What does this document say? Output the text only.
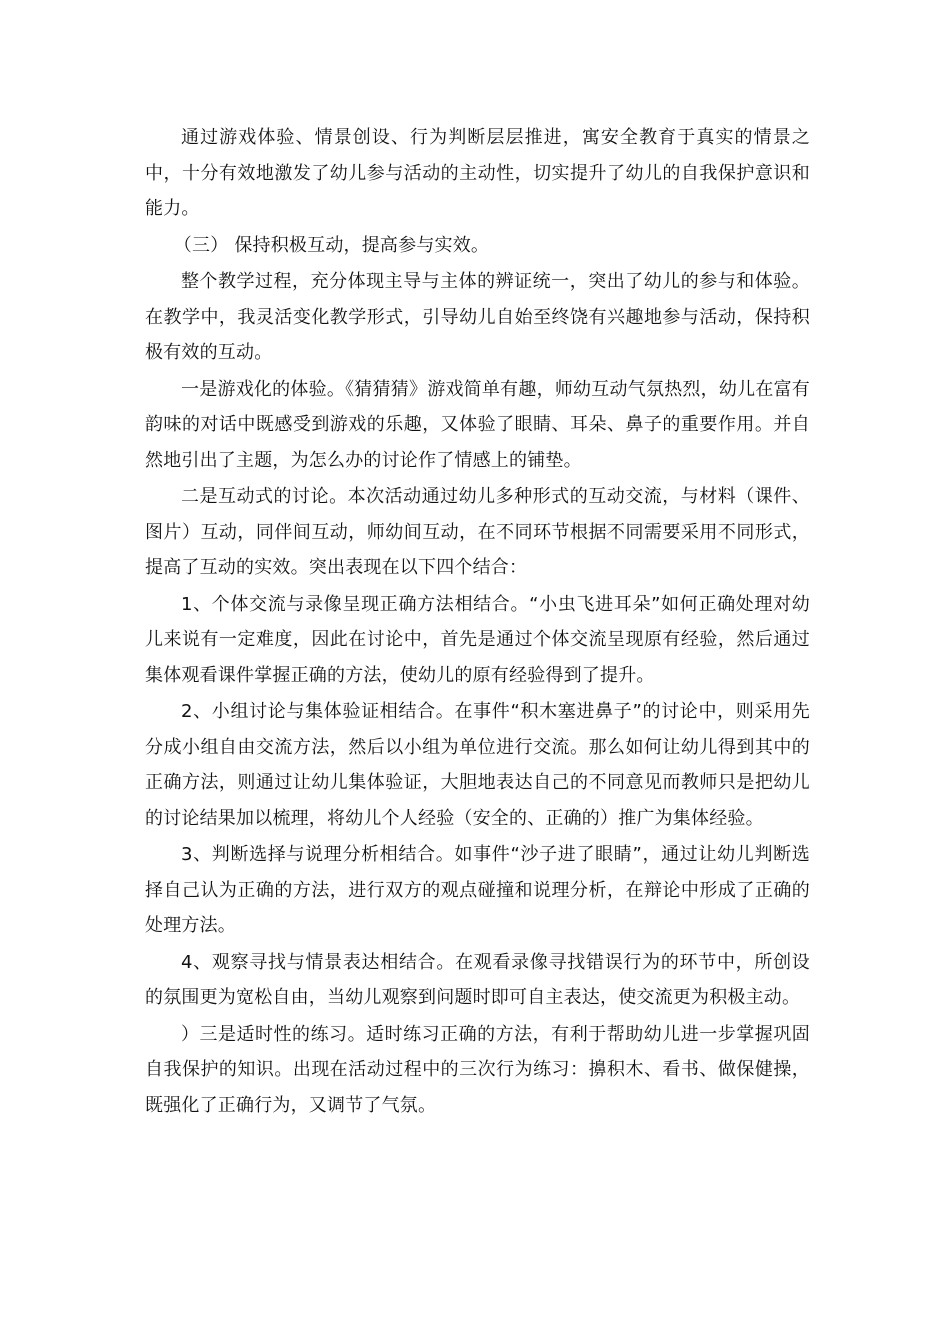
通过游戏体验、情景创设、行为判断层层推进，寓安全教育于真实的情景之中，十分有效地激发了幼儿参与活动的主动性，切实提升了幼儿的自我保护意识和能力。

（三） 保持积极互动，提高参与实效。

整个教学过程，充分体现主导与主体的辨证统一，突出了幼儿的参与和体验。在教学中，我灵活变化教学形式，引导幼儿自始至终饶有兴趣地参与活动，保持积极有效的互动。

一是游戏化的体验。《猜猜猜》游戏简单有趣，师幼互动气氛热烈，幼儿在富有韵味的对话中既感受到游戏的乐趣，又体验了眼睛、耳朵、鼻子的重要作用。并自然地引出了主题，为怎么办的讨论作了情感上的铺垫。

二是互动式的讨论。本次活动通过幼儿多种形式的互动交流，与材料（课件、图片）互动，同伴间互动，师幼间互动，在不同环节根据不同需要采用不同形式，提高了互动的实效。突出表现在以下四个结合：

1、个体交流与录像呈现正确方法相结合。“小虫飞进耳朵”如何正确处理对幼儿来说有一定难度，因此在讨论中，首先是通过个体交流呈现原有经验，然后通过集体观看课件掌握正确的方法，使幼儿的原有经验得到了提升。

2、小组讨论与集体验证相结合。在事件“积木塞进鼻子”的讨论中，则采用先分成小组自由交流方法，然后以小组为单位进行交流。那么如何让幼儿得到其中的正确方法，则通过让幼儿集体验证，大胆地表达自己的不同意见而教师只是把幼儿的讨论结果加以梳理，将幼儿个人经验（安全的、正确的）推广为集体经验。

3、判断选择与说理分析相结合。如事件“沙子进了眼睛”，通过让幼儿判断选择自己认为正确的方法，进行双方的观点碰撞和说理分析，在辩论中形成了正确的处理方法。

4、观察寻找与情景表达相结合。在观看录像寻找错误行为的环节中，所创设的氛围更为宽松自由，当幼儿观察到问题时即可自主表达，使交流更为积极主动。

）三是适时性的练习。适时练习正确的方法，有利于帮助幼儿进一步掌握巩固自我保护的知识。出现在活动过程中的三次行为练习：擤积木、看书、做保健操，既强化了正确行为，又调节了气氛。
